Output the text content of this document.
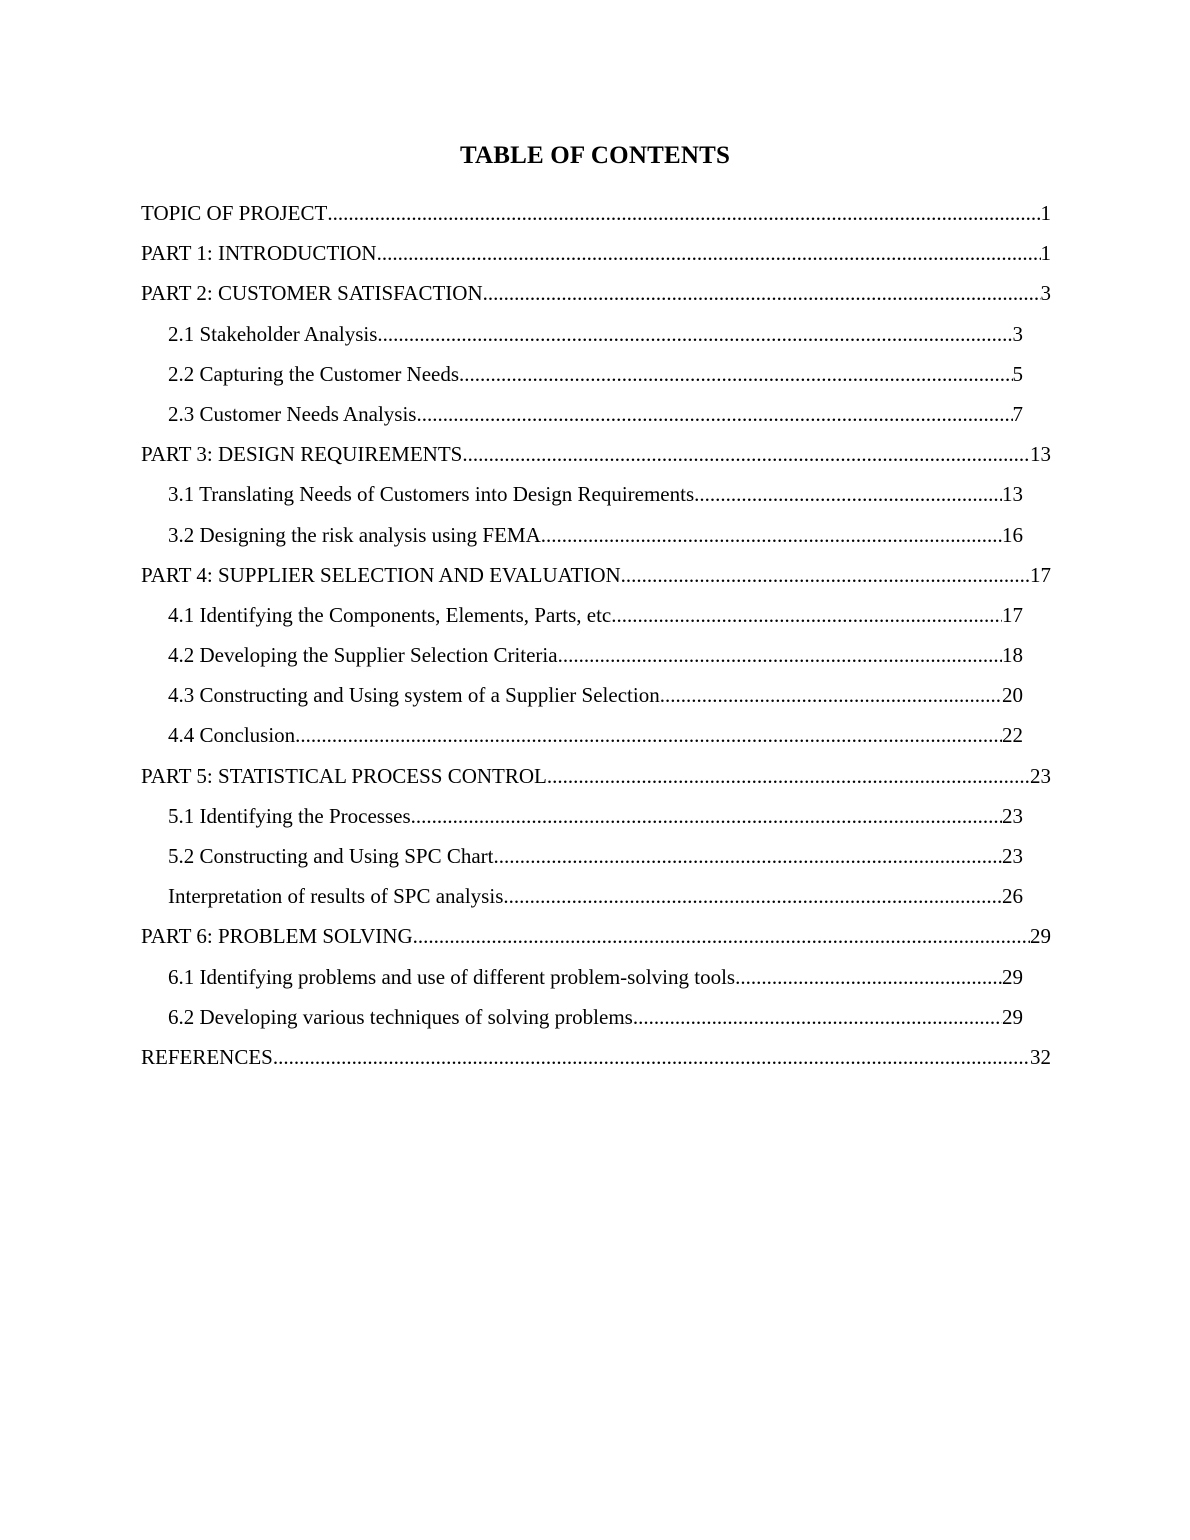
TABLE OF CONTENTS
TOPIC OF PROJECT .....	1
PART 1: INTRODUCTION .....	1
PART 2: CUSTOMER SATISFACTION .....	3
2.1 Stakeholder Analysis .....	3
2.2 Capturing the Customer Needs .....	5
2.3 Customer Needs Analysis .....	7
PART 3: DESIGN REQUIREMENTS .....	13
3.1 Translating Needs of Customers into Design Requirements .....	13
3.2 Designing the risk analysis using FEMA .....	16
PART 4: SUPPLIER SELECTION AND EVALUATION .....	17
4.1 Identifying the Components, Elements, Parts, etc. .....	17
4.2 Developing the Supplier Selection Criteria .....	18
4.3 Constructing and Using system of a Supplier Selection .....	20
4.4 Conclusion .....	22
PART 5: STATISTICAL PROCESS CONTROL .....	23
5.1 Identifying the Processes .....	23
5.2 Constructing and Using SPC Chart .....	23
Interpretation of results of SPC analysis .....	26
PART 6: PROBLEM SOLVING .....	29
6.1 Identifying problems and use of different problem-solving tools .....	29
6.2 Developing various techniques of solving problems .....	29
REFERENCES .....	32
